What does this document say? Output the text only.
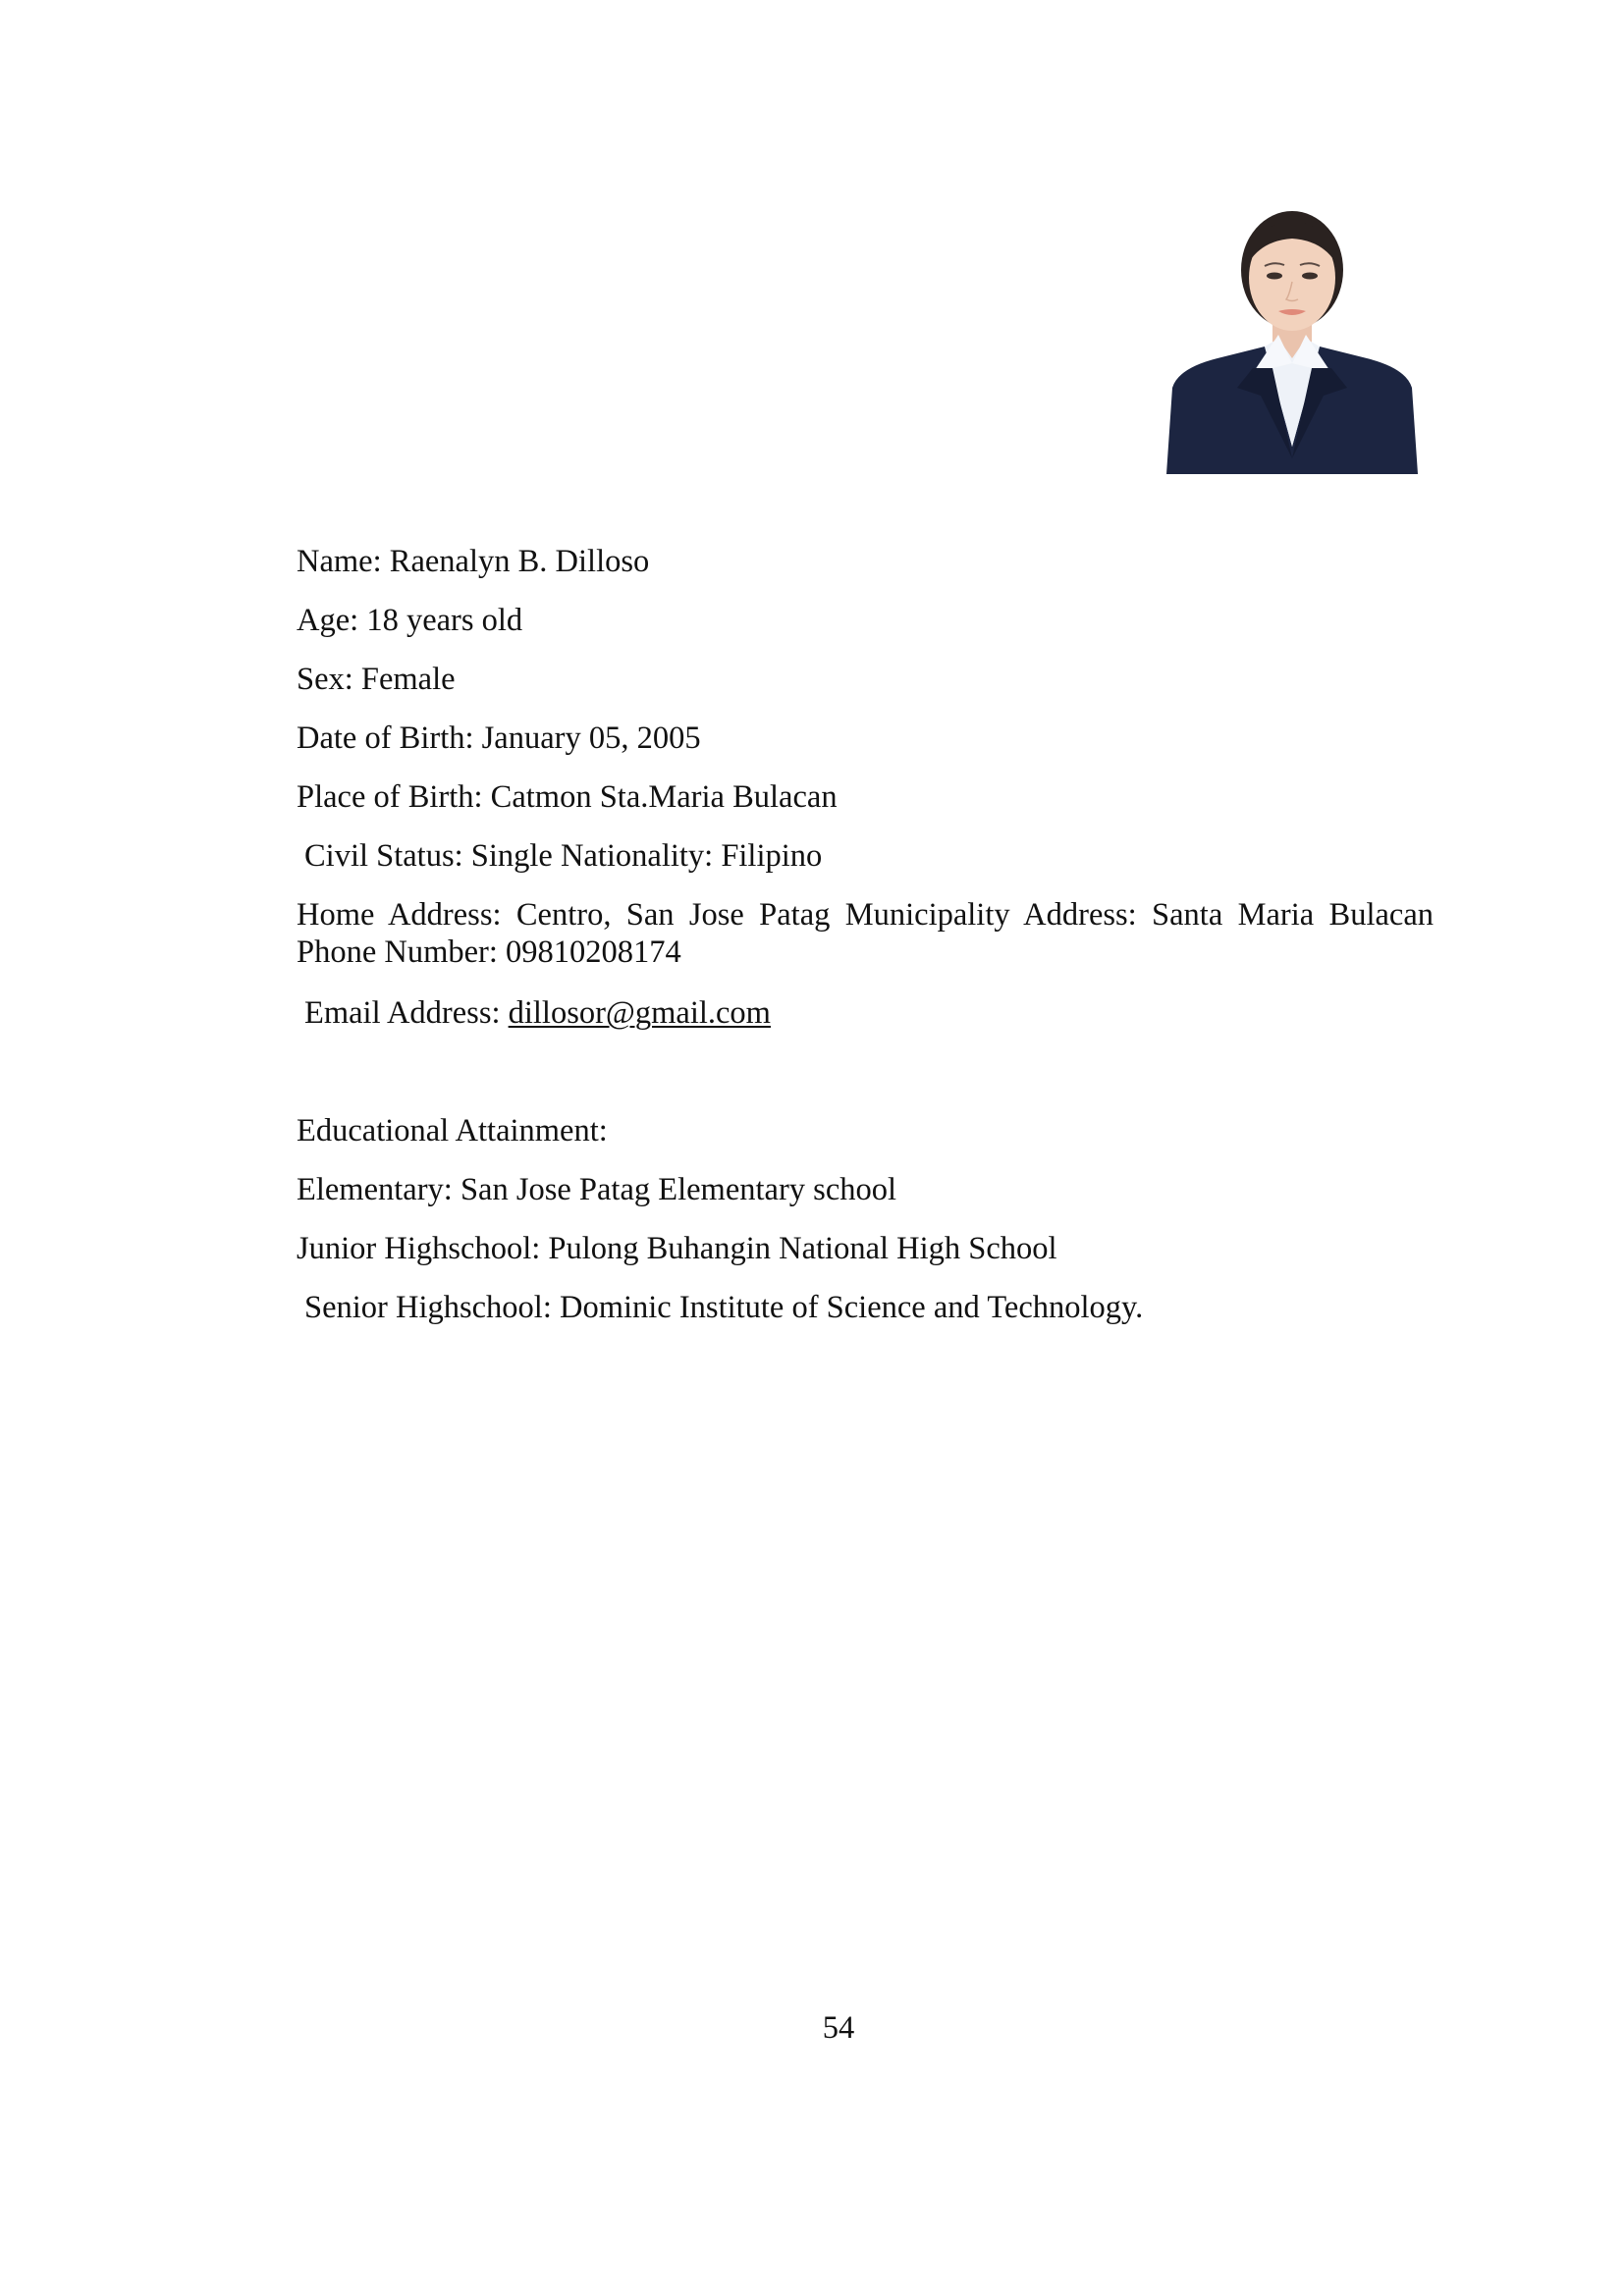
Name: Raenalyn B. Dilloso
Age: 18 years old
Sex: Female
Date of Birth: January 05, 2005
Place of Birth: Catmon Sta.Maria Bulacan
Civil Status: Single Nationality: Filipino
Home Address: Centro, San Jose Patag Municipality Address: Santa Maria Bulacan
Phone Number: 09810208174
Email Address: dillosor@gmail.com
Educational Attainment:
Elementary: San Jose Patag Elementary school
Junior Highschool: Pulong Buhangin National High School
Senior Highschool: Dominic Institute of Science and Technology.
54
